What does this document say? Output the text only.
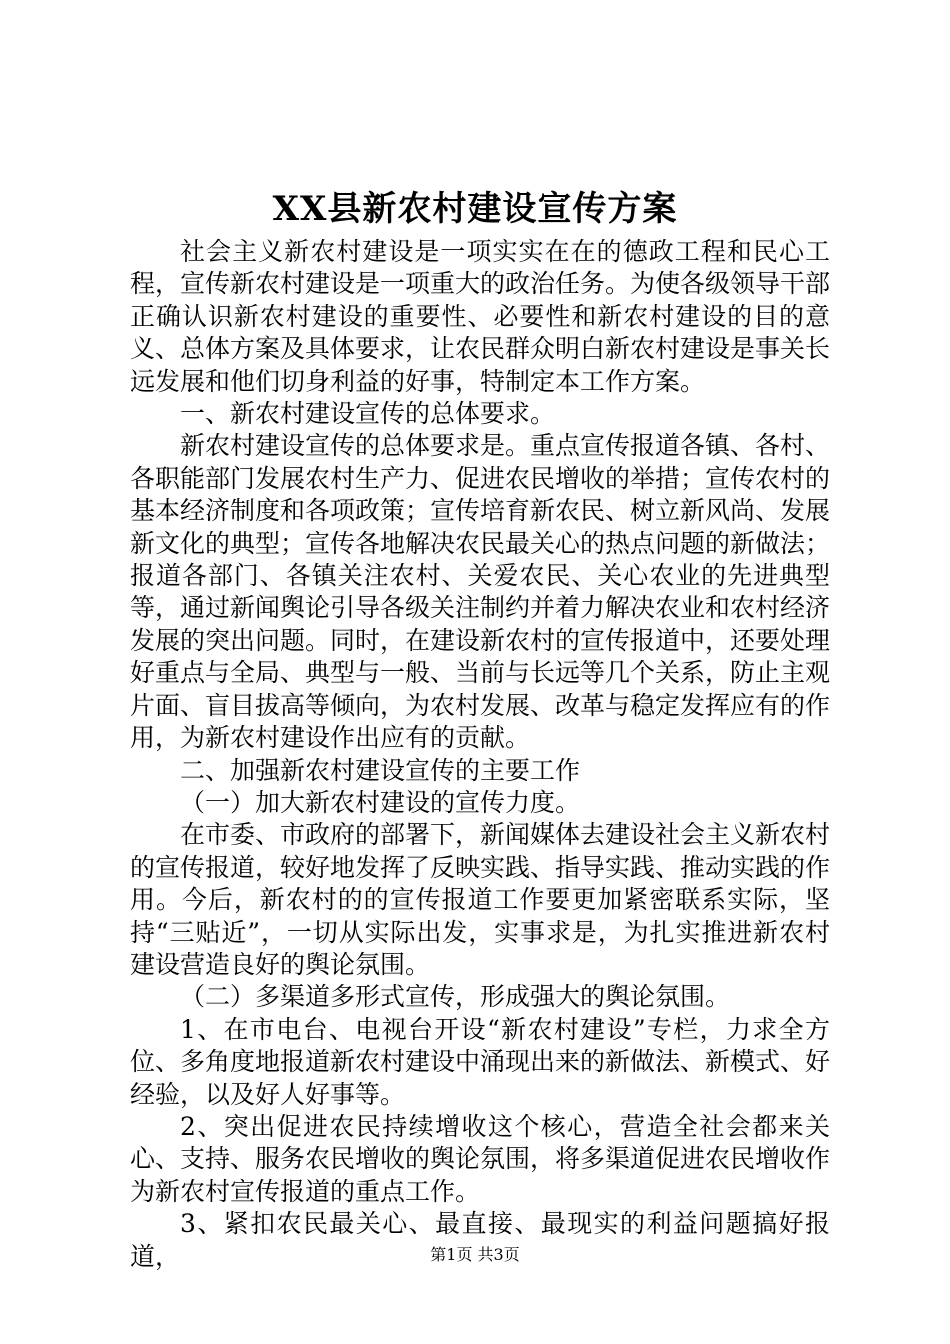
XX县新农村建设宣传方案

社会主义新农村建设是一项实实在在的德政工程和民心工程，宣传新农村建设是一项重大的政治任务。为使各级领导干部正确认识新农村建设的重要性、必要性和新农村建设的目的意义、总体方案及具体要求，让农民群众明白新农村建设是事关长远发展和他们切身利益的好事，特制定本工作方案。

一、新农村建设宣传的总体要求。

新农村建设宣传的总体要求是。重点宣传报道各镇、各村、各职能部门发展农村生产力、促进农民增收的举措；宣传农村的基本经济制度和各项政策；宣传培育新农民、树立新风尚、发展新文化的典型；宣传各地解决农民最关心的热点问题的新做法；报道各部门、各镇关注农村、关爱农民、关心农业的先进典型等，通过新闻舆论引导各级关注制约并着力解决农业和农村经济发展的突出问题。同时，在建设新农村的宣传报道中，还要处理好重点与全局、典型与一般、当前与长远等几个关系，防止主观片面、盲目拔高等倾向，为农村发展、改革与稳定发挥应有的作用，为新农村建设作出应有的贡献。

二、加强新农村建设宣传的主要工作

（一）加大新农村建设的宣传力度。

在市委、市政府的部署下，新闻媒体去建设社会主义新农村的宣传报道，较好地发挥了反映实践、指导实践、推动实践的作用。今后，新农村的的宣传报道工作要更加紧密联系实际，坚持“三贴近”，一切从实际出发，实事求是，为扎实推进新农村建设营造良好的舆论氛围。

（二）多渠道多形式宣传，形成强大的舆论氛围。

1、在市电台、电视台开设“新农村建设”专栏，力求全方位、多角度地报道新农村建设中涌现出来的新做法、新模式、好经验，以及好人好事等。

2、突出促进农民持续增收这个核心，营造全社会都来关心、支持、服务农民增收的舆论氛围，将多渠道促进农民增收作为新农村宣传报道的重点工作。

3、紧扣农民最关心、最直接、最现实的利益问题搞好报道，	第1页 共3页
